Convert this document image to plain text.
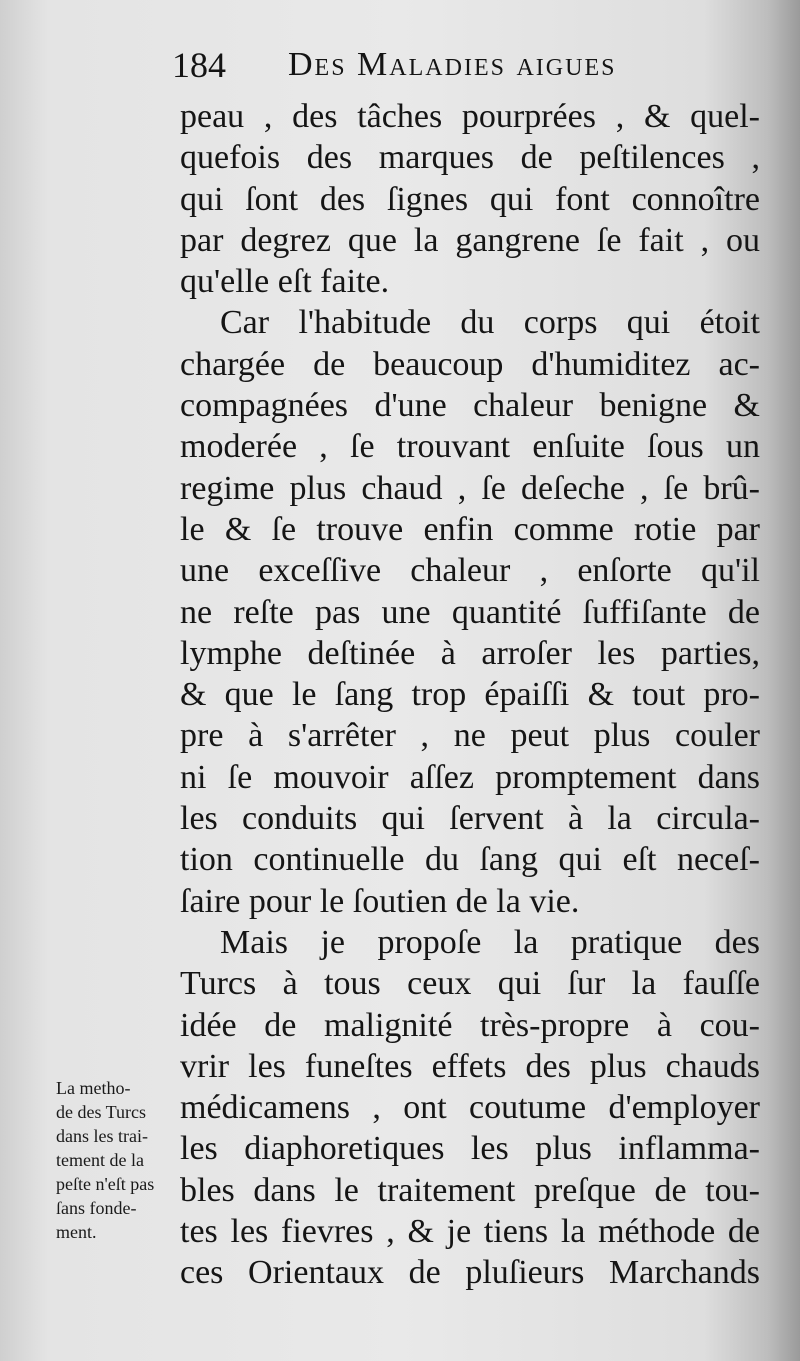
184 Des Maladies aigues
peau , des tâches pourprées , & quel-
quefois des marques de peſtilences ,
qui ſont des ſignes qui font connoître
par degrez que la gangrene ſe fait , ou
qu'elle eſt faite.
Car l'habitude du corps qui étoit
chargée de beaucoup d'humiditez ac-
compagnées d'une chaleur benigne &
moderée , ſe trouvant enſuite ſous un
regime plus chaud , ſe deſeche , ſe brû-
le & ſe trouve enfin comme rotie par
une exceſſive chaleur , enſorte qu'il
ne reſte pas une quantité ſuffiſante de
lymphe deſtinée à arroſer les parties,
& que le ſang trop épaiſſi & tout pro-
pre à s'arrêter , ne peut plus couler
ni ſe mouvoir aſſez promptement dans
les conduits qui ſervent à la circula-
tion continuelle du ſang qui eſt neceſ-
ſaire pour le ſoutien de la vie.
Mais je propoſe la pratique des
Turcs à tous ceux qui ſur la fauſſe
idée de malignité très-propre à cou-
vrir les funeſtes effets des plus chauds
médicamens , ont coutume d'employer
les diaphoretiques les plus inflamma-
bles dans le traitement preſque de tou-
tes les fievres , & je tiens la méthode de
ces Orientaux de pluſieurs Marchands
La metho-
de des Turcs
dans les trai-
tement de la
peſte n'eſt pas
ſans fonde-
ment.
